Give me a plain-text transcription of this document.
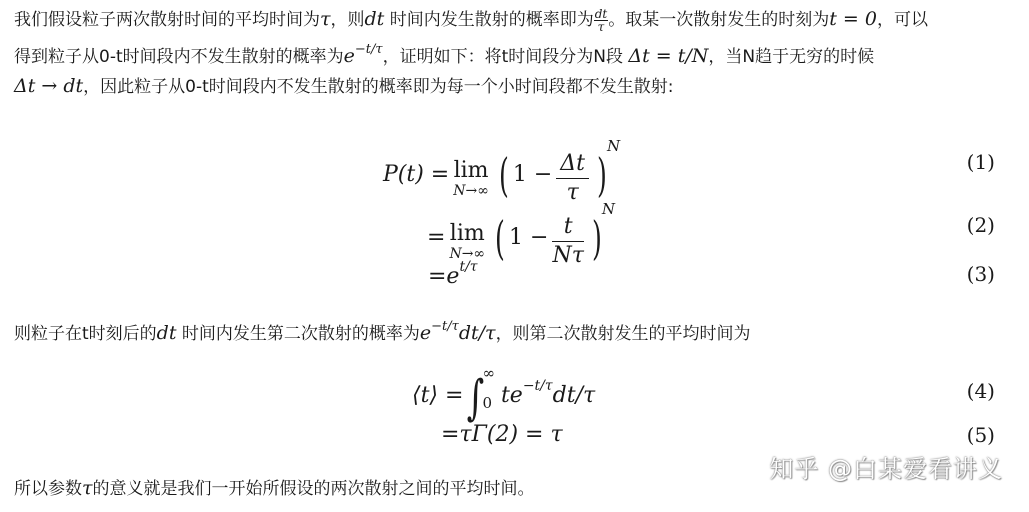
我们假设粒子两次散射时间的平均时间为τ，则dt 时间内发生散射的概率即为 $\frac{dt}{\tau}$ 。取某一次散射发生的时刻为t = 0，可以
得到粒子从0-t时间段内不发生散射的概率为$e^{-t/\tau}$，证明如下：将t时间段分为N段 Δt = t/N，当N趋于无穷的时候
Δt → dt，因此粒子从0-t时间段内不发生散射的概率即为每一个小时间段都不发生散射:
P(t) = lim
N→∞ ( $1 - \frac{\Delta t}{\tau} )^N$
(1)
= lim
N→∞ ( $1 - \frac{t}{N\tau} )^N$
(2)
$=e^{t/\tau}$	(3)
则粒子在t时刻后的dt 时间内发生第二次散射的概率为$e^{-t/\tau}dt/\tau$，则第二次散射发生的平均时间为
⟨t⟩ =∫
∞
0 $te^{-t/\tau}dt/\tau$	(4)
=τΓ(2) = τ	(5)
所以参数τ的意义就是我们一开始所假设的两次散射之间的平均时间。
知乎 @白某爱看讲义
